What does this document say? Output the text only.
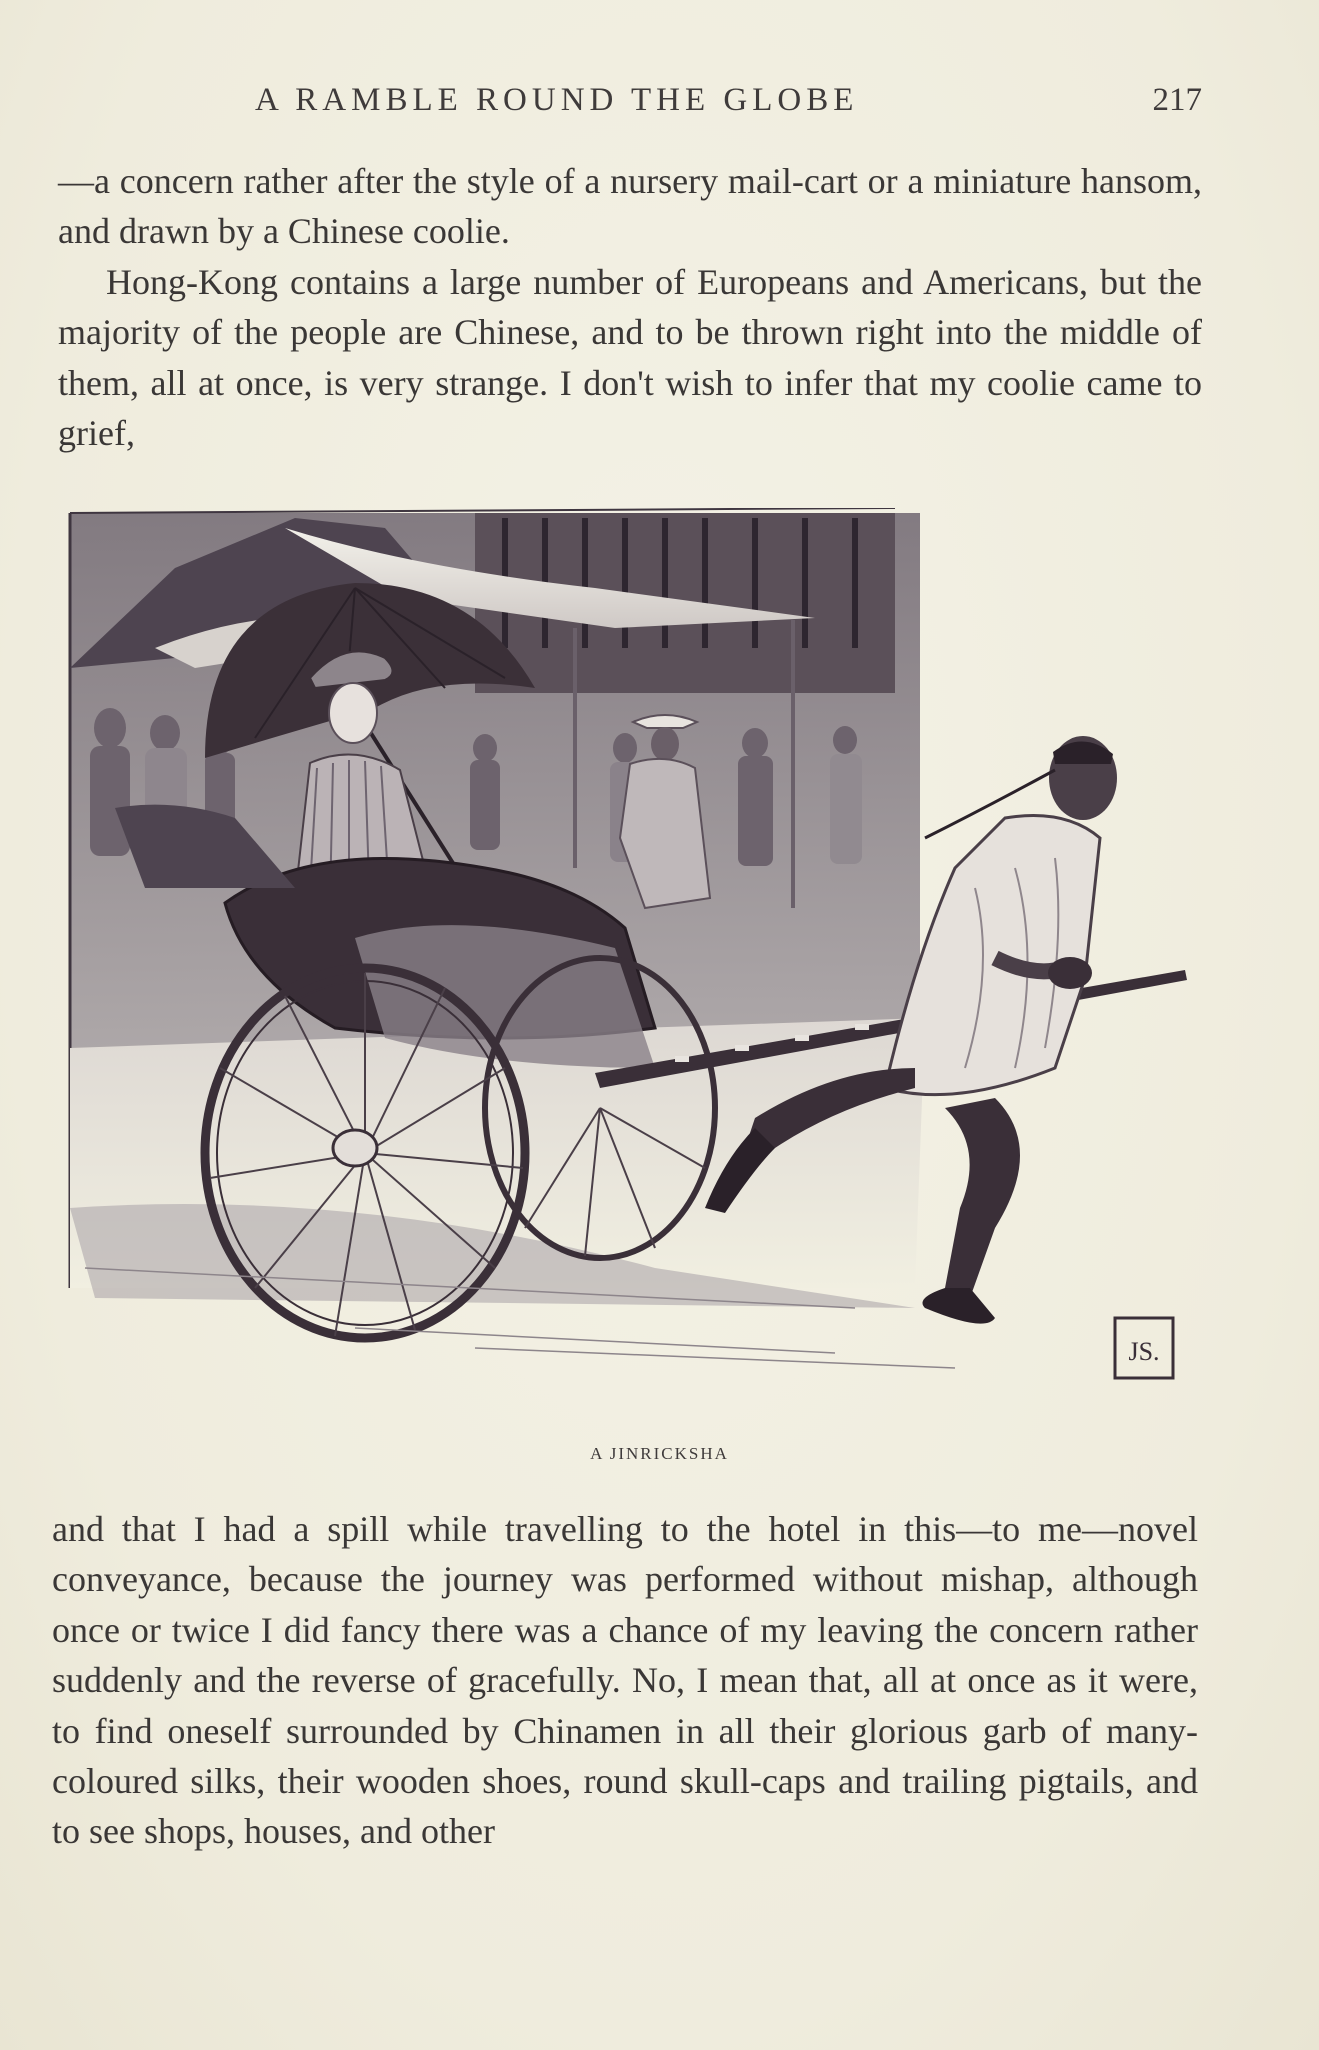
A RAMBLE ROUND THE GLOBE	217

—a concern rather after the style of a nursery mail-cart or a miniature hansom, and drawn by a Chinese coolie.

Hong-Kong contains a large number of Europeans and Americans, but the majority of the people are Chinese, and to be thrown right into the middle of them, all at once, is very strange. I don't wish to infer that my coolie came to grief,

JS.
A JINRICKSHA

and that I had a spill while travelling to the hotel in this—to me—novel conveyance, because the journey was performed without mishap, although once or twice I did fancy there was a chance of my leaving the concern rather suddenly and the reverse of gracefully. No, I mean that, all at once as it were, to find oneself surrounded by Chinamen in all their glorious garb of many-coloured silks, their wooden shoes, round skull-caps and trailing pigtails, and to see shops, houses, and other
